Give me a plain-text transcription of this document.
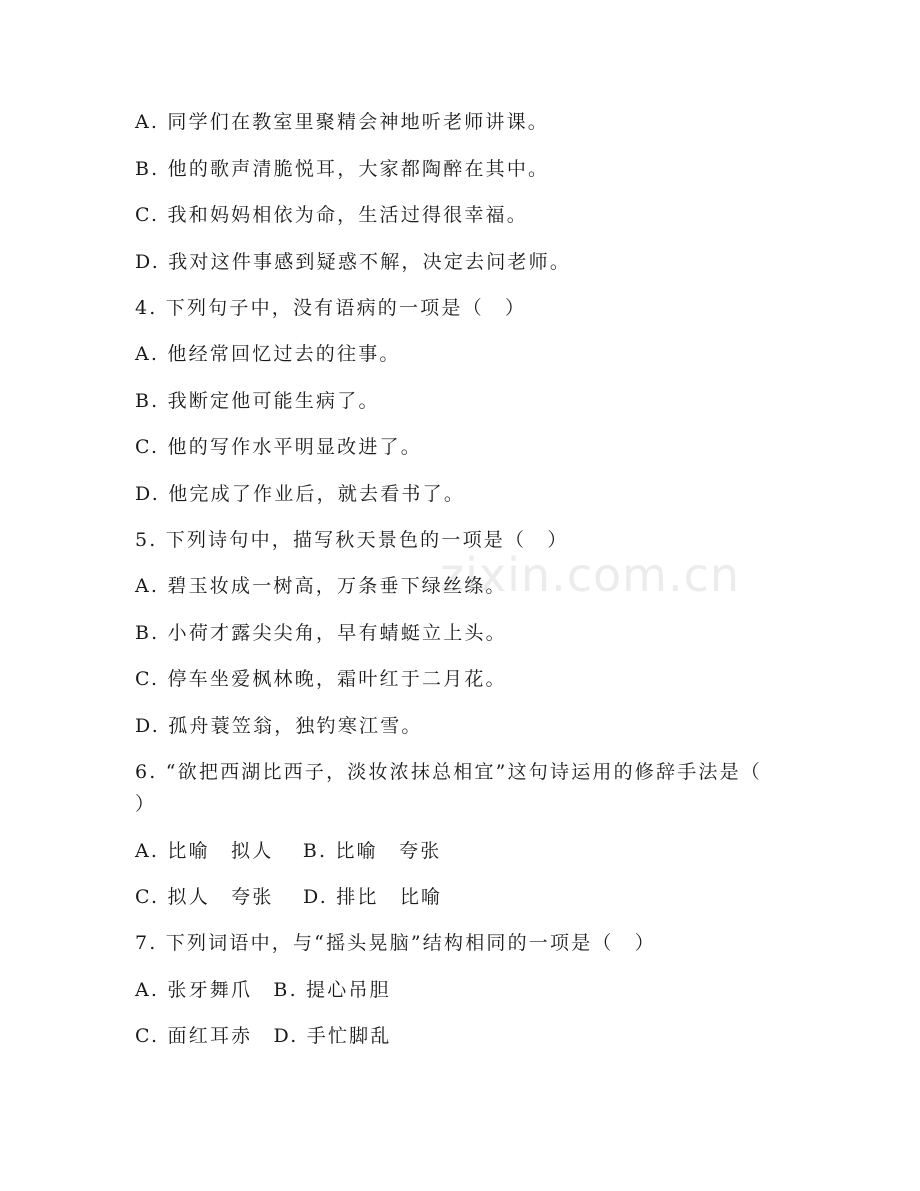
zixin.com.cn
A. 同学们在教室里聚精会神地听老师讲课。
B. 他的歌声清脆悦耳，大家都陶醉在其中。
C. 我和妈妈相依为命，生活过得很幸福。
D. 我对这件事感到疑惑不解，决定去问老师。
4. 下列句子中，没有语病的一项是（　）
A. 他经常回忆过去的往事。
B. 我断定他可能生病了。
C. 他的写作水平明显改进了。
D. 他完成了作业后，就去看书了。
5. 下列诗句中，描写秋天景色的一项是（　）
A. 碧玉妆成一树高，万条垂下绿丝绦。
B. 小荷才露尖尖角，早有蜻蜓立上头。
C. 停车坐爱枫林晚，霜叶红于二月花。
D. 孤舟蓑笠翁，独钓寒江雪。
6. “欲把西湖比西子，淡妆浓抹总相宜”这句诗运用的修辞手法是（
）
A. 比喻　拟人　 B. 比喻　夸张
C. 拟人　夸张　 D. 排比　比喻
7. 下列词语中，与“摇头晃脑”结构相同的一项是（　）
A. 张牙舞爪　B. 提心吊胆
C. 面红耳赤　D. 手忙脚乱
